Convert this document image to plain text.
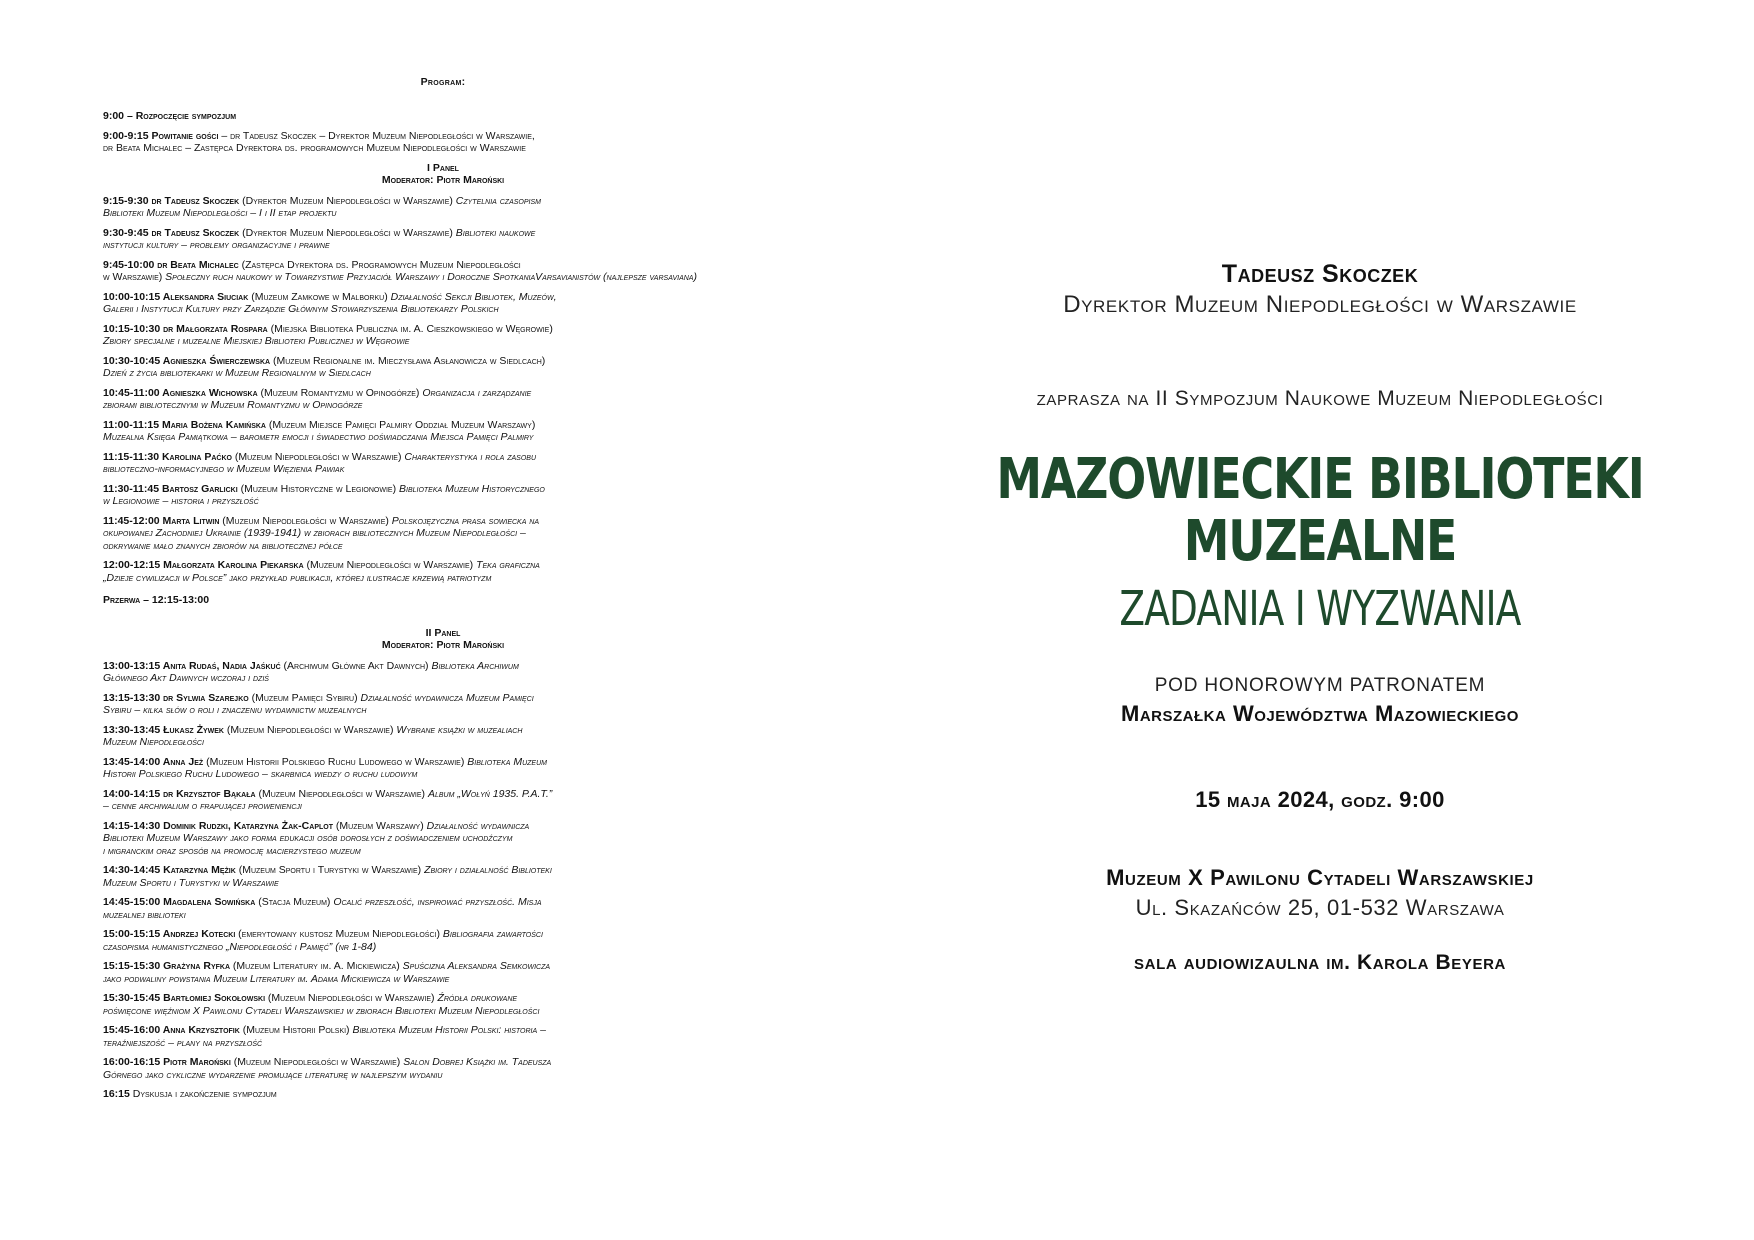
Program:
9:00 – Rozpoczęcie sympozjum
9:00-9:15 Powitanie gości – dr Tadeusz Skoczek – Dyrektor Muzeum Niepodległości w Warszawie,
dr Beata Michalec – Zastępca Dyrektora ds. programowych Muzeum Niepodległości w Warszawie
I Panel
Moderator: Piotr Maroński
9:15-9:30 dr Tadeusz Skoczek (Dyrektor Muzeum Niepodległości w Warszawie) Czytelnia czasopism
Biblioteki Muzeum Niepodległości – I i II etap projektu
9:30-9:45 dr Tadeusz Skoczek (Dyrektor Muzeum Niepodległości w Warszawie) Biblioteki naukowe
instytucji kultury – problemy organizacyjne i prawne
9:45-10:00 dr Beata Michalec (Zastępca Dyrektora ds. Programowych Muzeum Niepodległości
w Warszawie) Społeczny ruch naukowy w Towarzystwie Przyjaciół Warszawy i Doroczne SpotkaniaVarsavianistów (najlepsze varsaviana)
10:00-10:15 Aleksandra Siuciak (Muzeum Zamkowe w Malborku) Działalność Sekcji Bibliotek, Muzeów,
Galerii i Instytucji Kultury przy Zarządzie Głównym Stowarzyszenia Bibliotekarzy Polskich
10:15-10:30 dr Małgorzata Rospara (Miejska Biblioteka Publiczna im. A. Cieszkowskiego w Węgrowie)
Zbiory specjalne i muzealne Miejskiej Biblioteki Publicznej w Węgrowie
10:30-10:45 Agnieszka Świerczewska (Muzeum Regionalne im. Mieczysława Asłanowicza w Siedlcach)
Dzień z życia bibliotekarki w Muzeum Regionalnym w Siedlcach
10:45-11:00 Agnieszka Wichowska (Muzeum Romantyzmu w Opinogórze) Organizacja i zarządzanie
zbiorami bibliotecznymi w Muzeum Romantyzmu w Opinogórze
11:00-11:15 Maria Bożena Kamińska (Muzeum Miejsce Pamięci Palmiry Oddział Muzeum Warszawy)
Muzealna Księga Pamiątkowa – barometr emocji i świadectwo doświadczania Miejsca Pamięci Palmiry
11:15-11:30 Karolina Paćko (Muzeum Niepodległości w Warszawie) Charakterystyka i rola zasobu
biblioteczno-informacyjnego w Muzeum Więzienia Pawiak
11:30-11:45 Bartosz Garlicki (Muzeum Historyczne w Legionowie) Biblioteka Muzeum Historycznego
w Legionowie – historia i przyszłość
11:45-12:00 Marta Litwin (Muzeum Niepodległości w Warszawie) Polskojęzyczna prasa sowiecka na
okupowanej Zachodniej Ukrainie (1939-1941) w zbiorach bibliotecznych Muzeum Niepodległości –
odkrywanie mało znanych zbiorów na bibliotecznej półce
12:00-12:15 Małgorzata Karolina Piekarska (Muzeum Niepodległości w Warszawie) Teka graficzna
„Dzieje cywilizacji w Polsce” jako przykład publikacji, której ilustracje krzewią patriotyzm
Przerwa – 12:15-13:00
II Panel
Moderator: Piotr Maroński
13:00-13:15 Anita Rudaś, Nadia Jaśkuć (Archiwum Główne Akt Dawnych) Biblioteka Archiwum
Głównego Akt Dawnych wczoraj i dziś
13:15-13:30 dr Sylwia Szarejko (Muzeum Pamięci Sybiru) Działalność wydawnicza Muzeum Pamięci
Sybiru – kilka słów o roli i znaczeniu wydawnictw muzealnych
13:30-13:45 Łukasz Żywek (Muzeum Niepodległości w Warszawie) Wybrane książki w muzealiach
Muzeum Niepodległości
13:45-14:00 Anna Jeż (Muzeum Historii Polskiego Ruchu Ludowego w Warszawie) Biblioteka Muzeum
Historii Polskiego Ruchu Ludowego – skarbnica wiedzy o ruchu ludowym
14:00-14:15 dr Krzysztof Bąkała (Muzeum Niepodległości w Warszawie) Album „Wołyń 1935. P.A.T.”
– cenne archiwalium o frapującej proweniencji
14:15-14:30 Dominik Rudzki, Katarzyna Żak-Caplot (Muzeum Warszawy) Działalność wydawnicza
Biblioteki Muzeum Warszawy jako forma edukacji osób dorosłych z doświadczeniem uchodźczym
i migranckim oraz sposób na promocję macierzystego muzeum
14:30-14:45 Katarzyna Mężik (Muzeum Sportu i Turystyki w Warszawie) Zbiory i działalność Biblioteki
Muzeum Sportu i Turystyki w Warszawie
14:45-15:00 Magdalena Sowińska (Stacja Muzeum) Ocalić przeszłość, inspirować przyszłość. Misja
muzealnej biblioteki
15:00-15:15 Andrzej Kotecki (emerytowany kustosz Muzeum Niepodległości) Bibliografia zawartości
czasopisma humanistycznego „Niepodległość i Pamięć” (nr 1-84)
15:15-15:30 Grażyna Ryfka (Muzeum Literatury im. A. Mickiewicza) Spuścizna Aleksandra Semkowicza
jako podwaliny powstania Muzeum Literatury im. Adama Mickiewicza w Warszawie
15:30-15:45 Bartłomiej Sokołowski (Muzeum Niepodległości w Warszawie) Źródła drukowane
poświęcone więźniom X Pawilonu Cytadeli Warszawskiej w zbiorach Biblioteki Muzeum Niepodległości
15:45-16:00 Anna Krzysztofik (Muzeum Historii Polski) Biblioteka Muzeum Historii Polski: historia –
teraźniejszość – plany na przyszłość
16:00-16:15 Piotr Maroński (Muzeum Niepodległości w Warszawie) Salon Dobrej Książki im. Tadeusza
Górnego jako cykliczne wydarzenie promujące literaturę w najlepszym wydaniu
16:15 Dyskusja i zakończenie sympozjum
Tadeusz Skoczek
Dyrektor Muzeum Niepodległości w Warszawie
zaprasza na II Sympozjum Naukowe Muzeum Niepodległości
MAZOWIECKIE BIBLIOTEKI MUZEALNE
ZADANIA I WYZWANIA
POD HONOROWYM PATRONATEM
Marszałka Województwa Mazowieckiego
15 maja 2024, godz. 9:00
Muzeum X Pawilonu Cytadeli Warszawskiej
Ul. Skazańców 25, 01-532 Warszawa
sala audiowizaulna im. Karola Beyera
